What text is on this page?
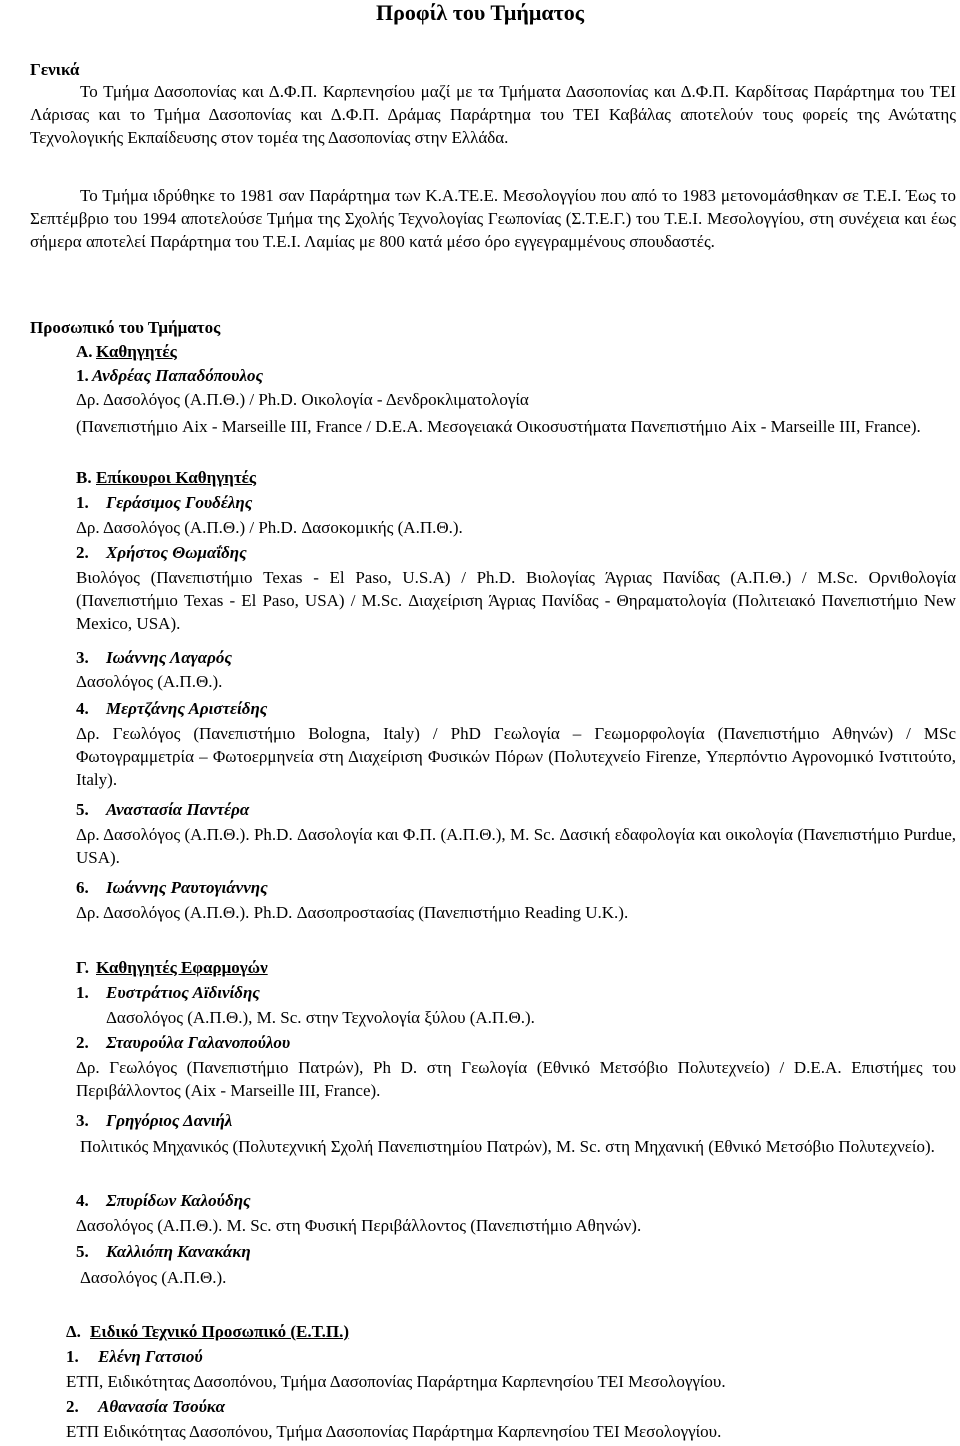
Προφίλ του Τμήματος
Γενικά

Το Τμήμα Δασοπονίας και Δ.Φ.Π. Καρπενησίου μαζί με τα Τμήματα Δασοπονίας και Δ.Φ.Π. Καρδίτσας Παράρτημα του ΤΕΙ Λάρισας και το Τμήμα Δασοπονίας και Δ.Φ.Π. Δράμας Παράρτημα του ΤΕΙ Καβάλας αποτελούν τους φορείς της Ανώτατης Τεχνολογικής Εκπαίδευσης στον τομέα της Δασοπονίας στην Ελλάδα.

Το Τμήμα ιδρύθηκε το 1981 σαν Παράρτημα των Κ.Α.ΤΕ.Ε. Μεσολογγίου που από το 1983 μετονομάσθηκαν σε Τ.Ε.Ι. Έως το Σεπτέμβριο του 1994 αποτελούσε Τμήμα της Σχολής Τεχνολογίας Γεωπονίας (Σ.Τ.Ε.Γ.) του Τ.Ε.Ι. Μεσολογγίου, στη συνέχεια και έως σήμερα αποτελεί Παράρτημα του Τ.Ε.Ι. Λαμίας με 800 κατά μέσο όρο εγγεγραμμένους σπουδαστές.

Προσωπικό του Τμήματος
Α. Καθηγητές
1. Ανδρέας Παπαδόπουλος
Δρ. Δασολόγος (Α.Π.Θ.) / Ph.D. Οικολογία - Δενδροκλιματολογία

(Πανεπιστήμιο Aix - Marseille III, France / D.E.A. Μεσογειακά Οικοσυστήματα Πανεπιστήμιο Aix - Marseille III, France).

Β. Επίκουροι Καθηγητές
1. Γεράσιμος Γουδέλης
Δρ. Δασολόγος (Α.Π.Θ.) / Ph.D. Δασοκομικής (Α.Π.Θ.).
2. Χρήστος Θωμαΐδης

Βιολόγος (Πανεπιστήμιο Texas - El Paso, U.S.A) / Ph.D. Βιολογίας Άγριας Πανίδας (Α.Π.Θ.) / M.Sc. Ορνιθολογία (Πανεπιστήμιο Texas - El Paso, USA) / M.Sc. Διαχείριση Άγριας Πανίδας - Θηραματολογία (Πολιτειακό Πανεπιστήμιο New Mexico, USA).

3. Ιωάννης Λαγαρός
Δασολόγος (Α.Π.Θ.).
4. Μερτζάνης Αριστείδης

Δρ. Γεωλόγος (Πανεπιστήμιο Bologna, Italy) / PhD Γεωλογία – Γεωμορφολογία (Πανεπιστήμιο Αθηνών) / MSc Φωτογραμμετρία – Φωτοερμηνεία στη Διαχείριση Φυσικών Πόρων (Πολυτεχνείο Firenze, Υπερπόντιο Αγρονομικό Ινστιτούτο, Italy).

5. Αναστασία Παντέρα

Δρ. Δασολόγος (Α.Π.Θ.). Ph.D. Δασολογία και Φ.Π. (Α.Π.Θ.), M. Sc. Δασική εδαφολογία και οικολογία (Πανεπιστήμιο Purdue, USA).

6. Ιωάννης Ραυτογιάννης
Δρ. Δασολόγος (Α.Π.Θ.). Ph.D. Δασοπροστασίας (Πανεπιστήμιο Reading U.K.).
Γ. Καθηγητές Εφαρμογών
1. Ευστράτιος Αϊδινίδης
Δασολόγος (Α.Π.Θ.), M. Sc. στην Τεχνολογία ξύλου (Α.Π.Θ.).
2. Σταυρούλα Γαλανοπούλου

Δρ. Γεωλόγος (Πανεπιστήμιο Πατρών), Ph D. στη Γεωλογία (Εθνικό Μετσόβιο Πολυτεχνείο) / D.E.A. Επιστήμες του Περιβάλλοντος (Aix - Marseille III, France).

3. Γρηγόριος Δανιήλ

Πολιτικός Μηχανικός (Πολυτεχνική Σχολή Πανεπιστημίου Πατρών), M. Sc. στη Μηχανική (Εθνικό Μετσόβιο Πολυτεχνείο).

4. Σπυρίδων Καλούδης
Δασολόγος (Α.Π.Θ.). M. Sc. στη Φυσική Περιβάλλοντος (Πανεπιστήμιο Αθηνών).
5. Καλλιόπη Κανακάκη
Δασολόγος (Α.Π.Θ.).
Δ. Ειδικό Τεχνικό Προσωπικό (Ε.Τ.Π.)
1. Ελένη Γατσιού
ΕΤΠ, Ειδικότητας Δασοπόνου, Τμήμα Δασοπονίας Παράρτημα Καρπενησίου ΤΕΙ Μεσολογγίου.
2. Αθανασία Τσούκα
ΕΤΠ Ειδικότητας Δασοπόνου, Τμήμα Δασοπονίας Παράρτημα Καρπενησίου ΤΕΙ Μεσολογγίου.
